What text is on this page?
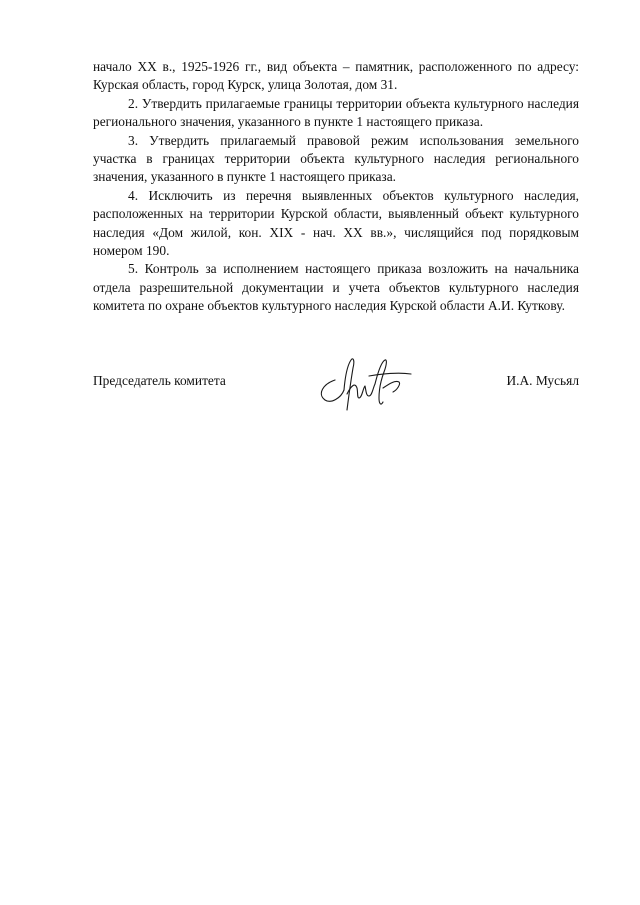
начало XX в., 1925-1926 гг., вид объекта – памятник, расположенного по адресу: Курская область, город Курск, улица Золотая, дом 31.

2. Утвердить прилагаемые границы территории объекта культурного наследия регионального значения, указанного в пункте 1 настоящего приказа.

3. Утвердить прилагаемый правовой режим использования земельного участка в границах территории объекта культурного наследия регионального значения, указанного в пункте 1 настоящего приказа.

4. Исключить из перечня выявленных объектов культурного наследия, расположенных на территории Курской области, выявленный объект культурного наследия «Дом жилой, кон. XIX - нач. XX вв.», числящийся под порядковым номером 190.

5. Контроль за исполнением настоящего приказа возложить на начальника отдела разрешительной документации и учета объектов культурного наследия комитета по охране объектов культурного наследия Курской области А.И. Куткову.

Председатель комитета	И.А. Мусьял
